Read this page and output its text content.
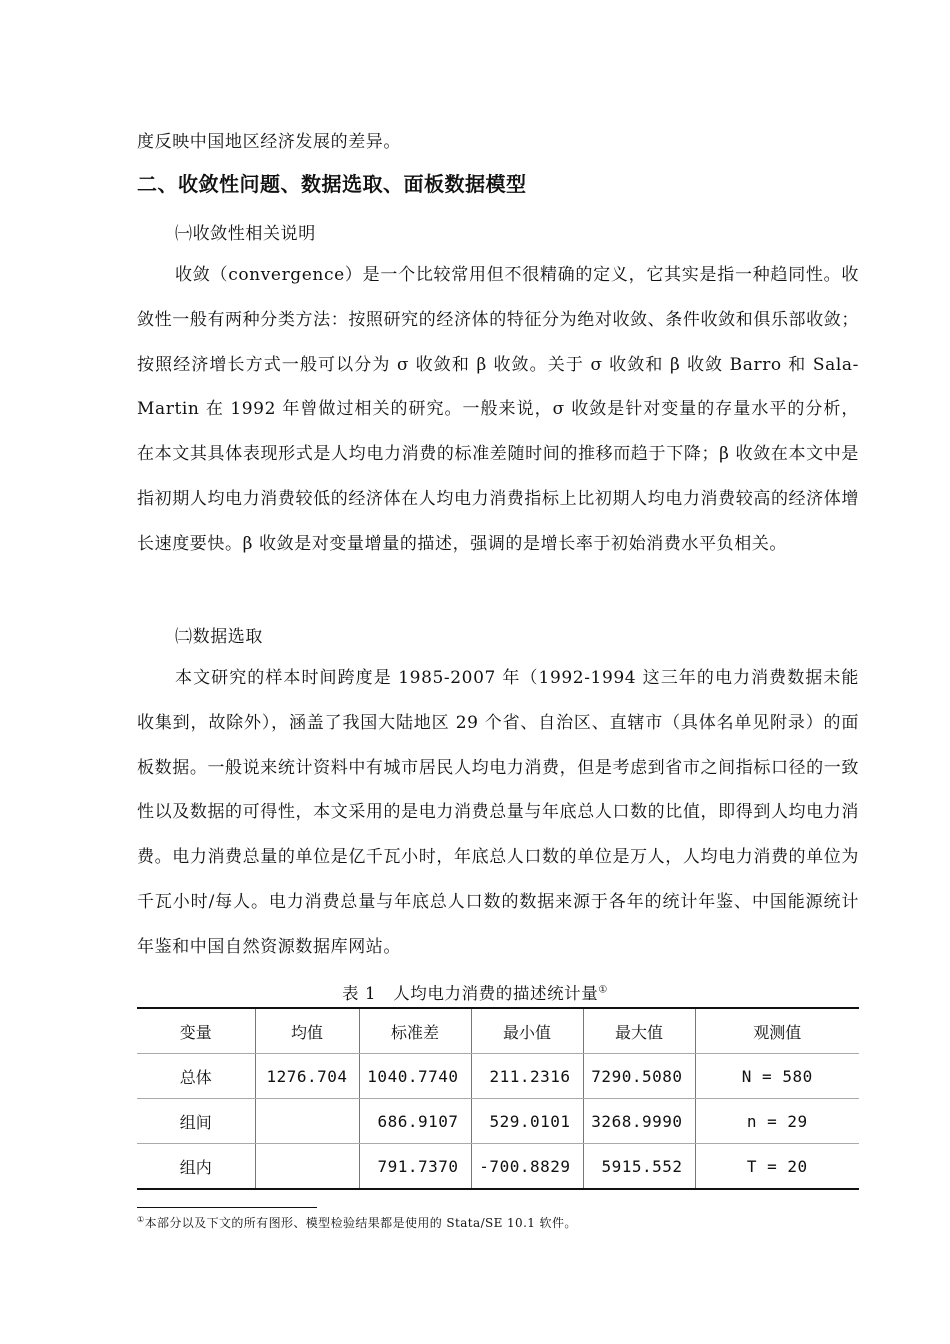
度反映中国地区经济发展的差异。

二、收敛性问题、数据选取、面板数据模型

㈠收敛性相关说明

收敛（convergence）是一个比较常用但不很精确的定义，它其实是指一种趋同性。收敛性一般有两种分类方法：按照研究的经济体的特征分为绝对收敛、条件收敛和俱乐部收敛；按照经济增长方式一般可以分为 σ 收敛和 β 收敛。关于 σ 收敛和 β 收敛 Barro 和 Sala-Martin 在 1992 年曾做过相关的研究。一般来说，σ 收敛是针对变量的存量水平的分析，在本文其具体表现形式是人均电力消费的标准差随时间的推移而趋于下降；β 收敛在本文中是指初期人均电力消费较低的经济体在人均电力消费指标上比初期人均电力消费较高的经济体增长速度要快。β 收敛是对变量增量的描述，强调的是增长率于初始消费水平负相关。

㈡数据选取

本文研究的样本时间跨度是 1985-2007 年（1992-1994 这三年的电力消费数据未能收集到，故除外），涵盖了我国大陆地区 29 个省、自治区、直辖市（具体名单见附录）的面板数据。一般说来统计资料中有城市居民人均电力消费，但是考虑到省市之间指标口径的一致性以及数据的可得性，本文采用的是电力消费总量与年底总人口数的比值，即得到人均电力消费。电力消费总量的单位是亿千瓦小时，年底总人口数的单位是万人，人均电力消费的单位为千瓦小时/每人。电力消费总量与年底总人口数的数据来源于各年的统计年鉴、中国能源统计年鉴和中国自然资源数据库网站。

表 1　人均电力消费的描述统计量①
变量	均值	标准差	最小值	最大值	观测值
总体	1276.704	1040.7740	211.2316	7290.5080	N = 580
组间		686.9107	529.0101	3268.9990	n = 29
组内		791.7370	-700.8829	5915.552	T = 20
①本部分以及下文的所有图形、模型检验结果都是使用的 Stata/SE 10.1 软件。
